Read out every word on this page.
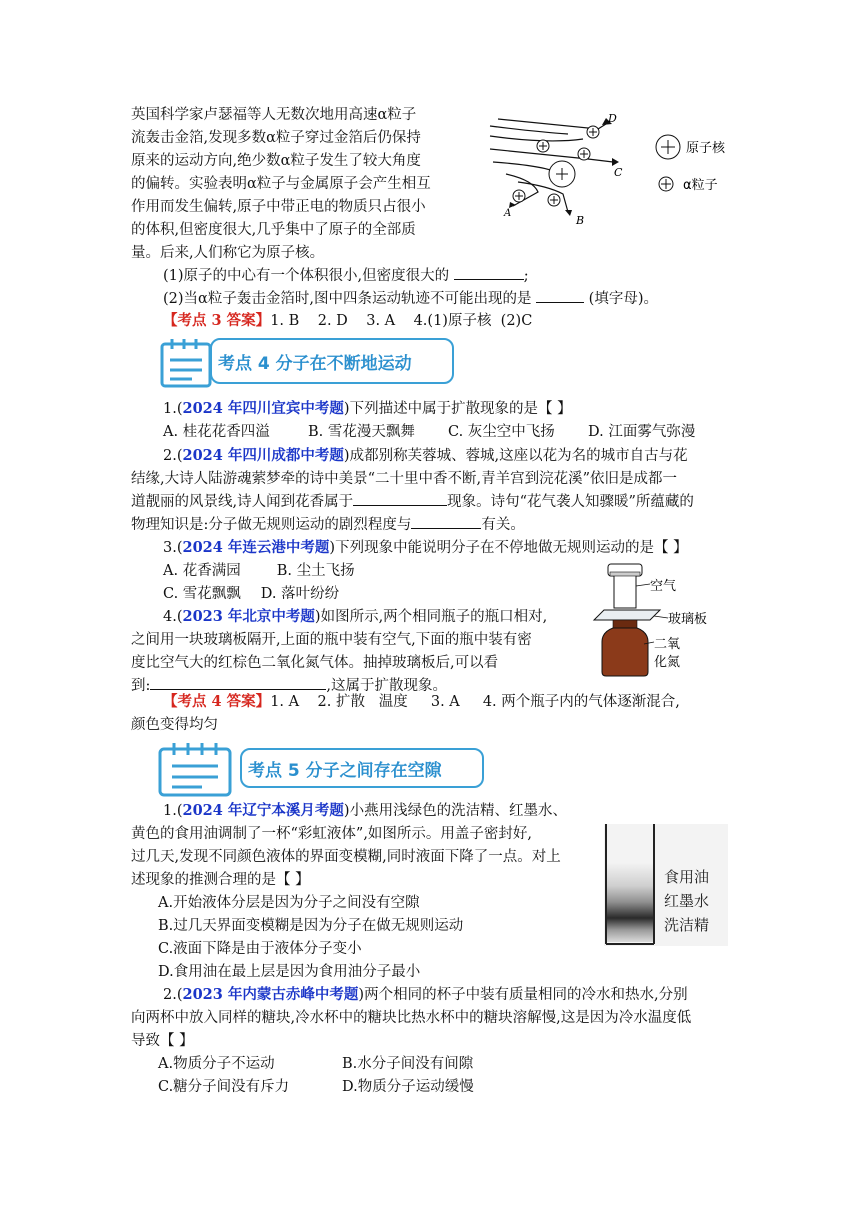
英国科学家卢瑟福等人无数次地用高速α粒子
流轰击金箔,发现多数α粒子穿过金箔后仍保持
原来的运动方向,绝少数α粒子发生了较大角度
的偏转。实验表明α粒子与金属原子会产生相互
作用而发生偏转,原子中带正电的物质只占很小
的体积,但密度很大,几乎集中了原子的全部质
量。后来,人们称它为原子核。
(1)原子的中心有一个体积很小,但密度很大的	;
(2)当α粒子轰击金箔时,图中四条运动轨迹不可能出现的是	(填字母)。
D
C
B
A
原子核
α粒子
【考点 3 答案】1. B    2. D    3. A    4.(1)原子核  (2)C
考点 4 分子在不断地运动
1.(2024 年四川宜宾中考题)下列描述中属于扩散现象的是【 】
A. 桂花花香四溢	B. 雪花漫天飘舞 C. 灰尘空中飞扬 D. 江面雾气弥漫
2.(2024 年四川成都中考题)成都别称芙蓉城、蓉城,这座以花为名的城市自古与花
结缘,大诗人陆游魂萦梦牵的诗中美景“二十里中香不断,青羊宫到浣花溪”依旧是成都一
道靓丽的风景线,诗人闻到花香属于	现象。诗句“花气袭人知骤暖”所蕴藏的
物理知识是:分子做无规则运动的剧烈程度与	有关。
3.(2024 年连云港中考题)下列现象中能说明分子在不停地做无规则运动的是【 】
A. 花香满园 B. 尘土飞扬
C. 雪花飘飘 D. 落叶纷纷
4.(2023 年北京中考题)如图所示,两个相同瓶子的瓶口相对,
之间用一块玻璃板隔开,上面的瓶中装有空气,下面的瓶中装有密
度比空气大的红棕色二氧化氮气体。抽掉玻璃板后,可以看
到:	,这属于扩散现象。
空气
玻璃板
二氧
化氮
【考点 4 答案】1. A    2. 扩散   温度     3. A     4. 两个瓶子内的气体逐渐混合,
颜色变得均匀
考点 5 分子之间存在空隙
1.(2024 年辽宁本溪月考题)小燕用浅绿色的洗洁精、红墨水、
黄色的食用油调制了一杯“彩虹液体”,如图所示。用盖子密封好,
过几天,发现不同颜色液体的界面变模糊,同时液面下降了一点。对上
述现象的推测合理的是【 】
A.开始液体分层是因为分子之间没有空隙
B.过几天界面变模糊是因为分子在做无规则运动
C.液面下降是由于液体分子变小
D.食用油在最上层是因为食用油分子最小
食用油
红墨水
洗洁精
2.(2023 年内蒙古赤峰中考题)两个相同的杯子中装有质量相同的冷水和热水,分别
向两杯中放入同样的糖块,冷水杯中的糖块比热水杯中的糖块溶解慢,这是因为冷水温度低
导致【 】
A.物质分子不运动	B.水分子间没有间隙
C.糖分子间没有斥力	D.物质分子运动缓慢
